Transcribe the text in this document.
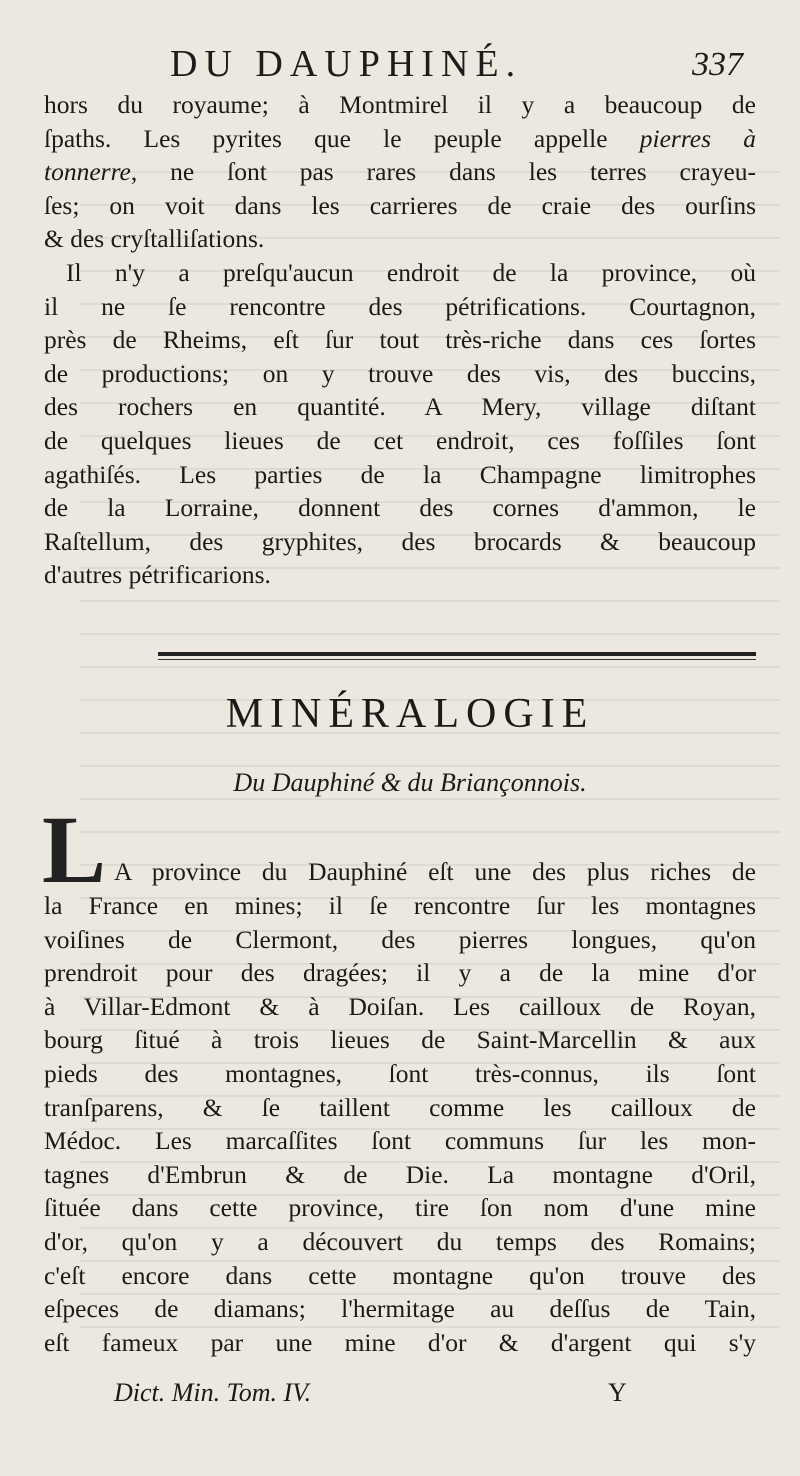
DU DAUPHINÉ.	337
hors du royaume; à Montmirel il y a beaucoup de
ſpaths. Les pyrites que le peuple appelle pierres à
tonnerre, ne ſont pas rares dans les terres crayeu-
ſes; on voit dans les carrieres de craie des ourſins
& des cryſtalliſations.
Il n'y a preſqu'aucun endroit de la province, où
il ne ſe rencontre des pétrifications. Courtagnon,
près de Rheims, eſt ſur tout très-riche dans ces ſortes
de productions; on y trouve des vis, des buccins,
des rochers en quantité. A Mery, village diſtant
de quelques lieues de cet endroit, ces foſſiles ſont
agathiſés. Les parties de la Champagne limitrophes
de la Lorraine, donnent des cornes d'ammon, le
Raſtellum, des gryphites, des brocards & beaucoup
d'autres pétrificarions.
MINÉRALOGIE
Du Dauphiné & du Briançonnois.
L A province du Dauphiné eſt une des plus riches de
la France en mines; il ſe rencontre ſur les montagnes
voiſines de Clermont, des pierres longues, qu'on
prendroit pour des dragées; il y a de la mine d'or
à Villar-Edmont & à Doiſan. Les cailloux de Royan,
bourg ſitué à trois lieues de Saint-Marcellin & aux
pieds des montagnes, ſont très-connus, ils ſont
tranſparens, & ſe taillent comme les cailloux de
Médoc. Les marcaſſites ſont communs ſur les mon-
tagnes d'Embrun & de Die. La montagne d'Oril,
ſituée dans cette province, tire ſon nom d'une mine
d'or, qu'on y a découvert du temps des Romains;
c'eſt encore dans cette montagne qu'on trouve des
eſpeces de diamans; l'hermitage au deſſus de Tain,
eſt fameux par une mine d'or & d'argent qui s'y
Dict. Min. Tom. IV.	Y
